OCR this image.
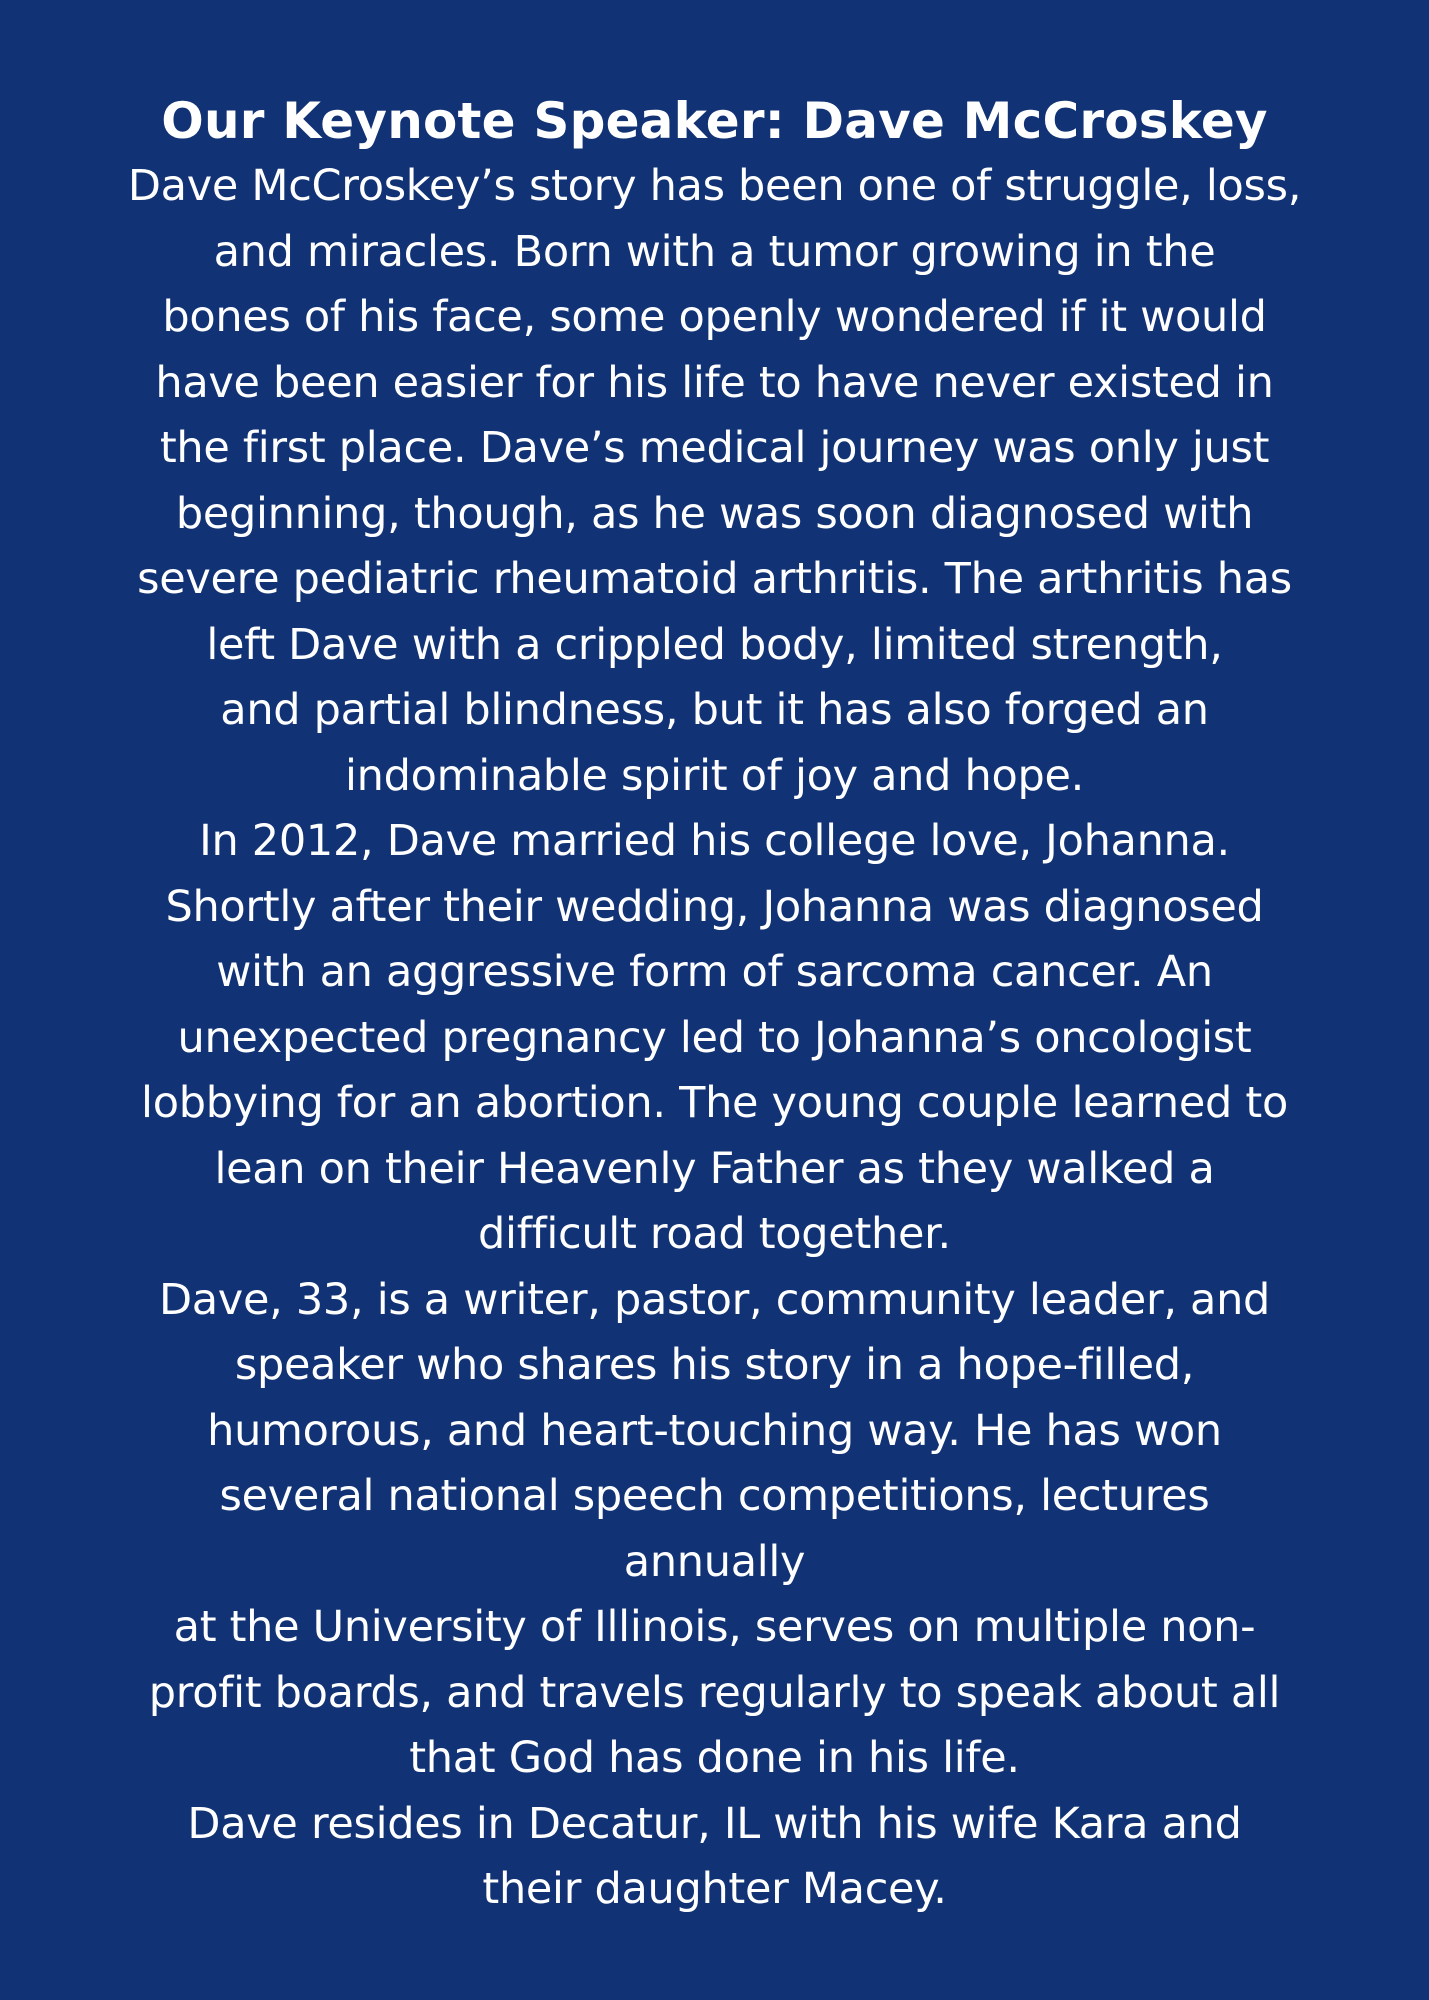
Our Keynote Speaker: Dave McCroskey
Dave McCroskey’s story has been one of struggle, loss,
and miracles. Born with a tumor growing in the
bones of his face, some openly wondered if it would
have been easier for his life to have never existed in
the first place. Dave’s medical journey was only just
beginning, though, as he was soon diagnosed with
severe pediatric rheumatoid arthritis. The arthritis has
left Dave with a crippled body, limited strength,
and partial blindness, but it has also forged an
indominable spirit of joy and hope.
In 2012, Dave married his college love, Johanna.
Shortly after their wedding, Johanna was diagnosed
with an aggressive form of sarcoma cancer. An
unexpected pregnancy led to Johanna’s oncologist
lobbying for an abortion. The young couple learned to
lean on their Heavenly Father as they walked a
difficult road together.
Dave, 33, is a writer, pastor, community leader, and
speaker who shares his story in a hope-filled,
humorous, and heart-touching way. He has won
several national speech competitions, lectures
annually
at the University of Illinois, serves on multiple non-
profit boards, and travels regularly to speak about all
that God has done in his life.
Dave resides in Decatur, IL with his wife Kara and
their daughter Macey.
